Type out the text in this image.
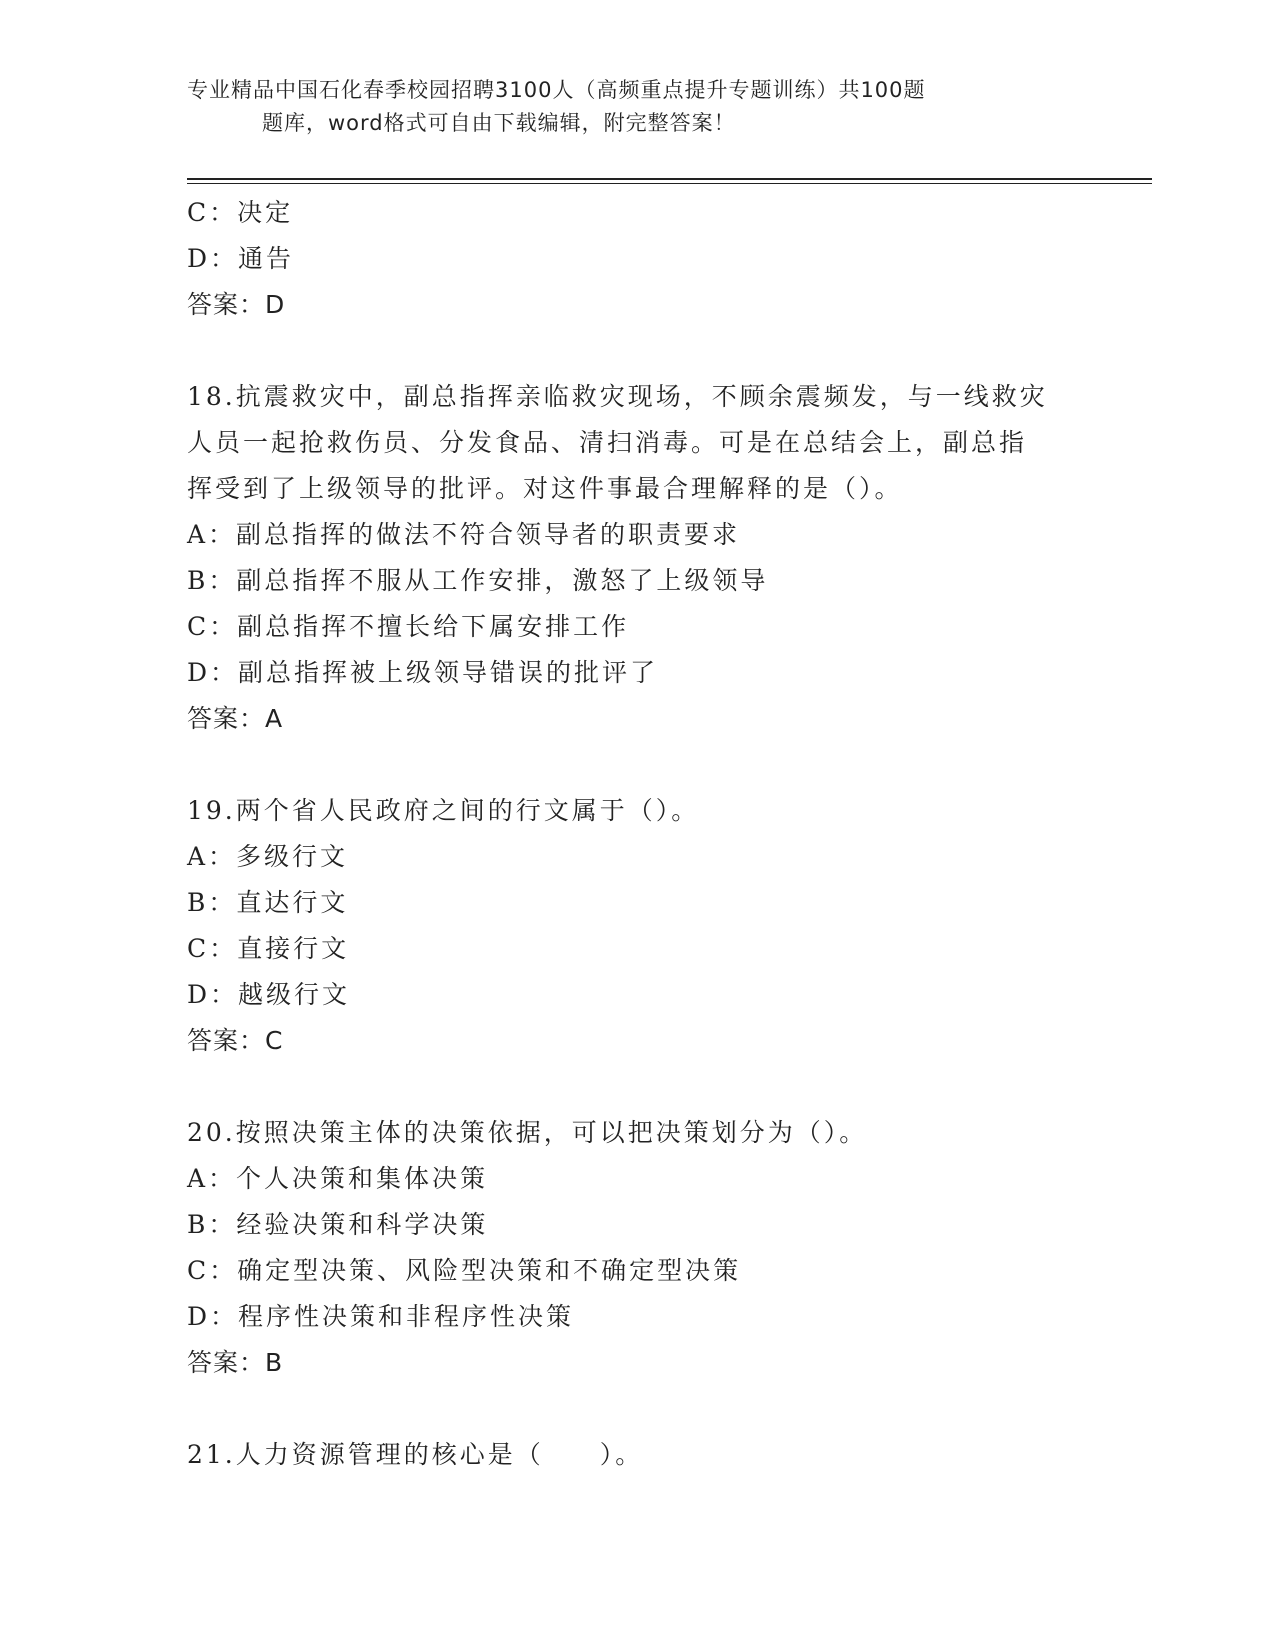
专业精品中国石化春季校园招聘3100人（高频重点提升专题训练）共100题
题库，word格式可自由下载编辑，附完整答案！
C：决定
D：通告
答案：D
18.抗震救灾中，副总指挥亲临救灾现场，不顾余震频发，与一线救灾
人员一起抢救伤员、分发食品、清扫消毒。可是在总结会上，副总指
挥受到了上级领导的批评。对这件事最合理解释的是（）。
A：副总指挥的做法不符合领导者的职责要求
B：副总指挥不服从工作安排，激怒了上级领导
C：副总指挥不擅长给下属安排工作
D：副总指挥被上级领导错误的批评了
答案：A
19.两个省人民政府之间的行文属于（）。
A：多级行文
B：直达行文
C：直接行文
D：越级行文
答案：C
20.按照决策主体的决策依据，可以把决策划分为（）。
A：个人决策和集体决策
B：经验决策和科学决策
C：确定型决策、风险型决策和不确定型决策
D：程序性决策和非程序性决策
答案：B
21.人力资源管理的核心是（　　）。
